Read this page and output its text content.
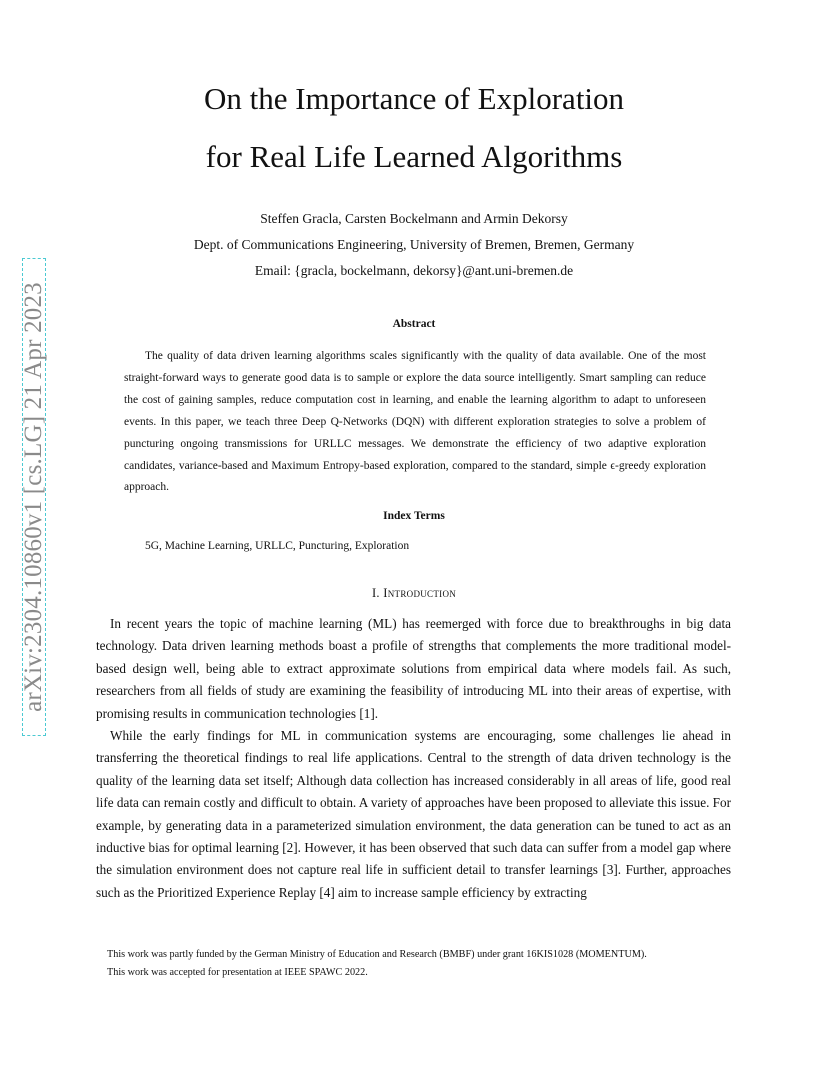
arXiv:2304.10860v1 [cs.LG] 21 Apr 2023
On the Importance of Exploration
for Real Life Learned Algorithms
Steffen Gracla, Carsten Bockelmann and Armin Dekorsy
Dept. of Communications Engineering, University of Bremen, Bremen, Germany
Email: {gracla, bockelmann, dekorsy}@ant.uni-bremen.de
Abstract

The quality of data driven learning algorithms scales significantly with the quality of data available. One of the most straight-forward ways to generate good data is to sample or explore the data source intelligently. Smart sampling can reduce the cost of gaining samples, reduce computation cost in learning, and enable the learning algorithm to adapt to unforeseen events. In this paper, we teach three Deep Q-Networks (DQN) with different exploration strategies to solve a problem of puncturing ongoing transmissions for URLLC messages. We demonstrate the efficiency of two adaptive exploration candidates, variance-based and Maximum Entropy-based exploration, compared to the standard, simple ϵ-greedy exploration approach.

Index Terms
5G, Machine Learning, URLLC, Puncturing, Exploration
I. Introduction

In recent years the topic of machine learning (ML) has reemerged with force due to breakthroughs in big data technology. Data driven learning methods boast a profile of strengths that complements the more traditional model-based design well, being able to extract approximate solutions from empirical data where models fail. As such, researchers from all fields of study are examining the feasibility of introducing ML into their areas of expertise, with promising results in communication technologies [1].

While the early findings for ML in communication systems are encouraging, some challenges lie ahead in transferring the theoretical findings to real life applications. Central to the strength of data driven technology is the quality of the learning data set itself; Although data collection has increased considerably in all areas of life, good real life data can remain costly and difficult to obtain. A variety of approaches have been proposed to alleviate this issue. For example, by generating data in a parameterized simulation environment, the data generation can be tuned to act as an inductive bias for optimal learning [2]. However, it has been observed that such data can suffer from a model gap where the simulation environment does not capture real life in sufficient detail to transfer learnings [3]. Further, approaches such as the Prioritized Experience Replay [4] aim to increase sample efficiency by extracting

This work was partly funded by the German Ministry of Education and Research (BMBF) under grant 16KIS1028 (MOMENTUM).
This work was accepted for presentation at IEEE SPAWC 2022.
